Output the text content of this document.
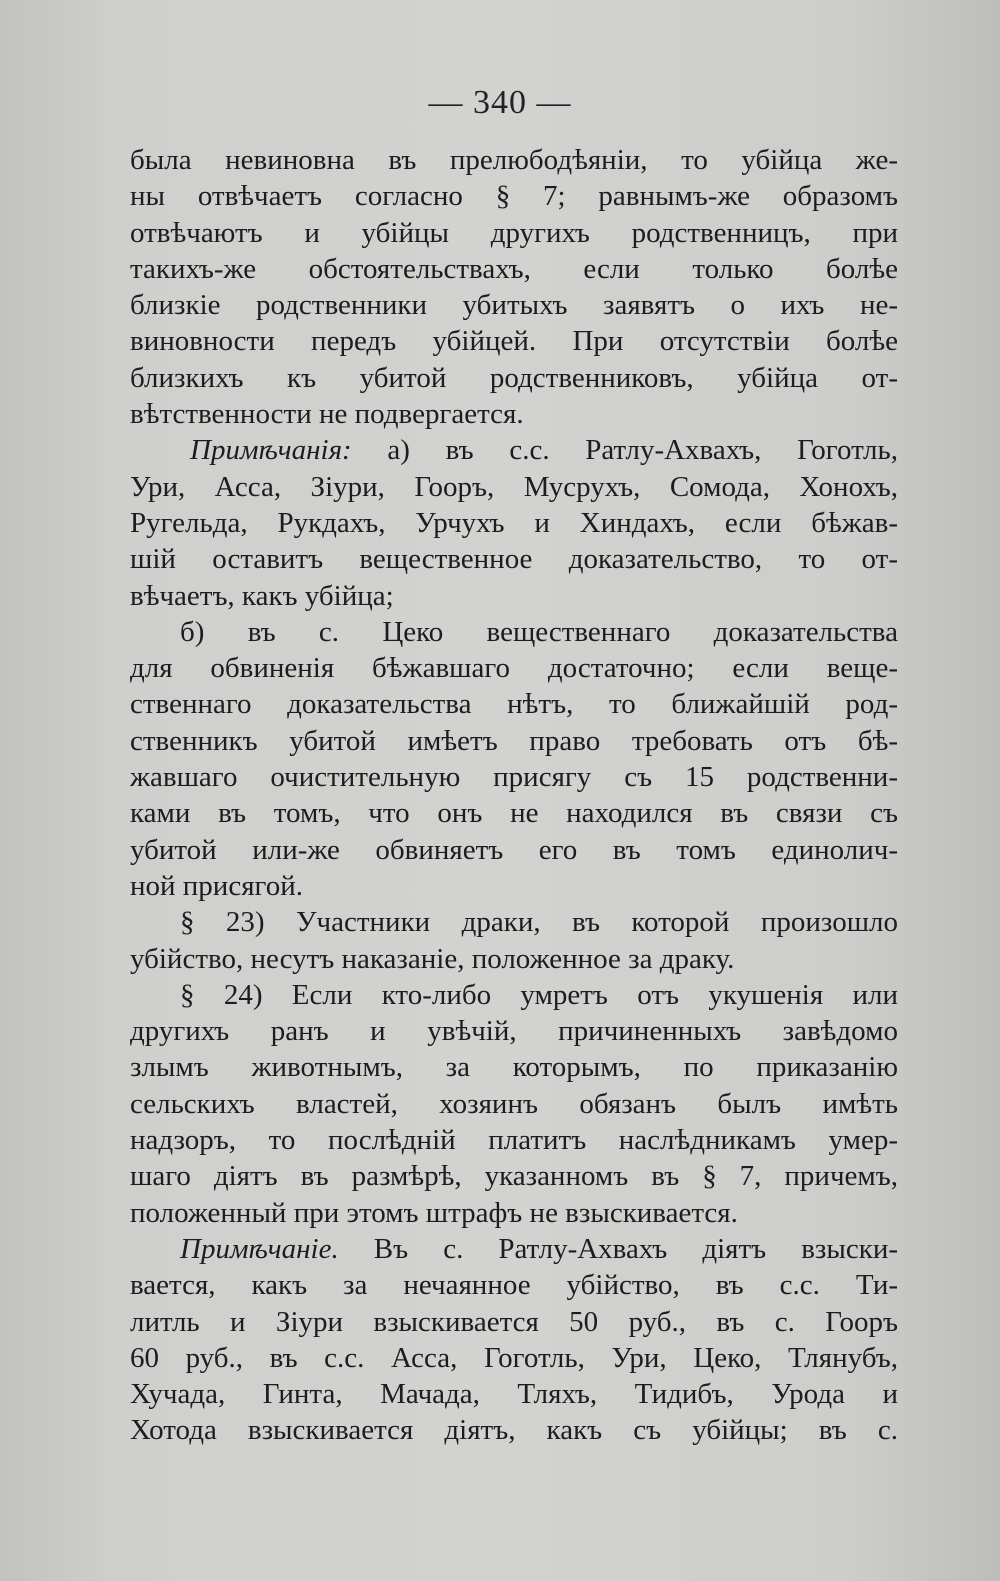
— 340 —
была невиновна въ прелюбодѣяніи, то убійца же-
ны отвѣчаетъ согласно § 7; равнымъ-же образомъ
отвѣчаютъ и убійцы другихъ родственницъ, при
такихъ-же обстоятельствахъ, если только болѣе
близкіе родственники убитыхъ заявятъ о ихъ не-
виновности передъ убійцей. При отсутствіи болѣе
близкихъ къ убитой родственниковъ, убійца от-
вѣтственности не подвергается.
Примѣчанія: а) въ с.с. Ратлу-Ахвахъ, Гоготль,
Ури, Асса, Зіури, Гооръ, Мусрухъ, Сомода, Хонохъ,
Ругельда, Рукдахъ, Урчухъ и Хиндахъ, если бѣжав-
шій оставитъ вещественное доказательство, то от-
вѣчаетъ, какъ убійца;
б) въ с. Цеко вещественнаго доказательства
для обвиненія бѣжавшаго достаточно; если веще-
ственнаго доказательства нѣтъ, то ближайшій род-
ственникъ убитой имѣетъ право требовать отъ бѣ-
жавшаго очистительную присягу съ 15 родственни-
ками въ томъ, что онъ не находился въ связи съ
убитой или-же обвиняетъ его въ томъ единолич-
ной присягой.
§ 23) Участники драки, въ которой произошло
убійство, несутъ наказаніе, положенное за драку.
§ 24) Если кто-либо умретъ отъ укушенія или
другихъ ранъ и увѣчій, причиненныхъ завѣдомо
злымъ животнымъ, за которымъ, по приказанію
сельскихъ властей, хозяинъ обязанъ былъ имѣть
надзоръ, то послѣдній платитъ наслѣдникамъ умер-
шаго діятъ въ размѣрѣ, указанномъ въ § 7, причемъ,
положенный при этомъ штрафъ не взыскивается.
Примѣчаніе. Въ с. Ратлу-Ахвахъ діятъ взыски-
вается, какъ за нечаянное убійство, въ с.с. Ти-
литль и Зіури взыскивается 50 руб., въ с. Гооръ
60 руб., въ с.с. Асса, Гоготль, Ури, Цеко, Тлянубъ,
Хучада, Гинта, Мачада, Тляхъ, Тидибъ, Урода и
Хотода взыскивается діятъ, какъ съ убійцы; въ с.
